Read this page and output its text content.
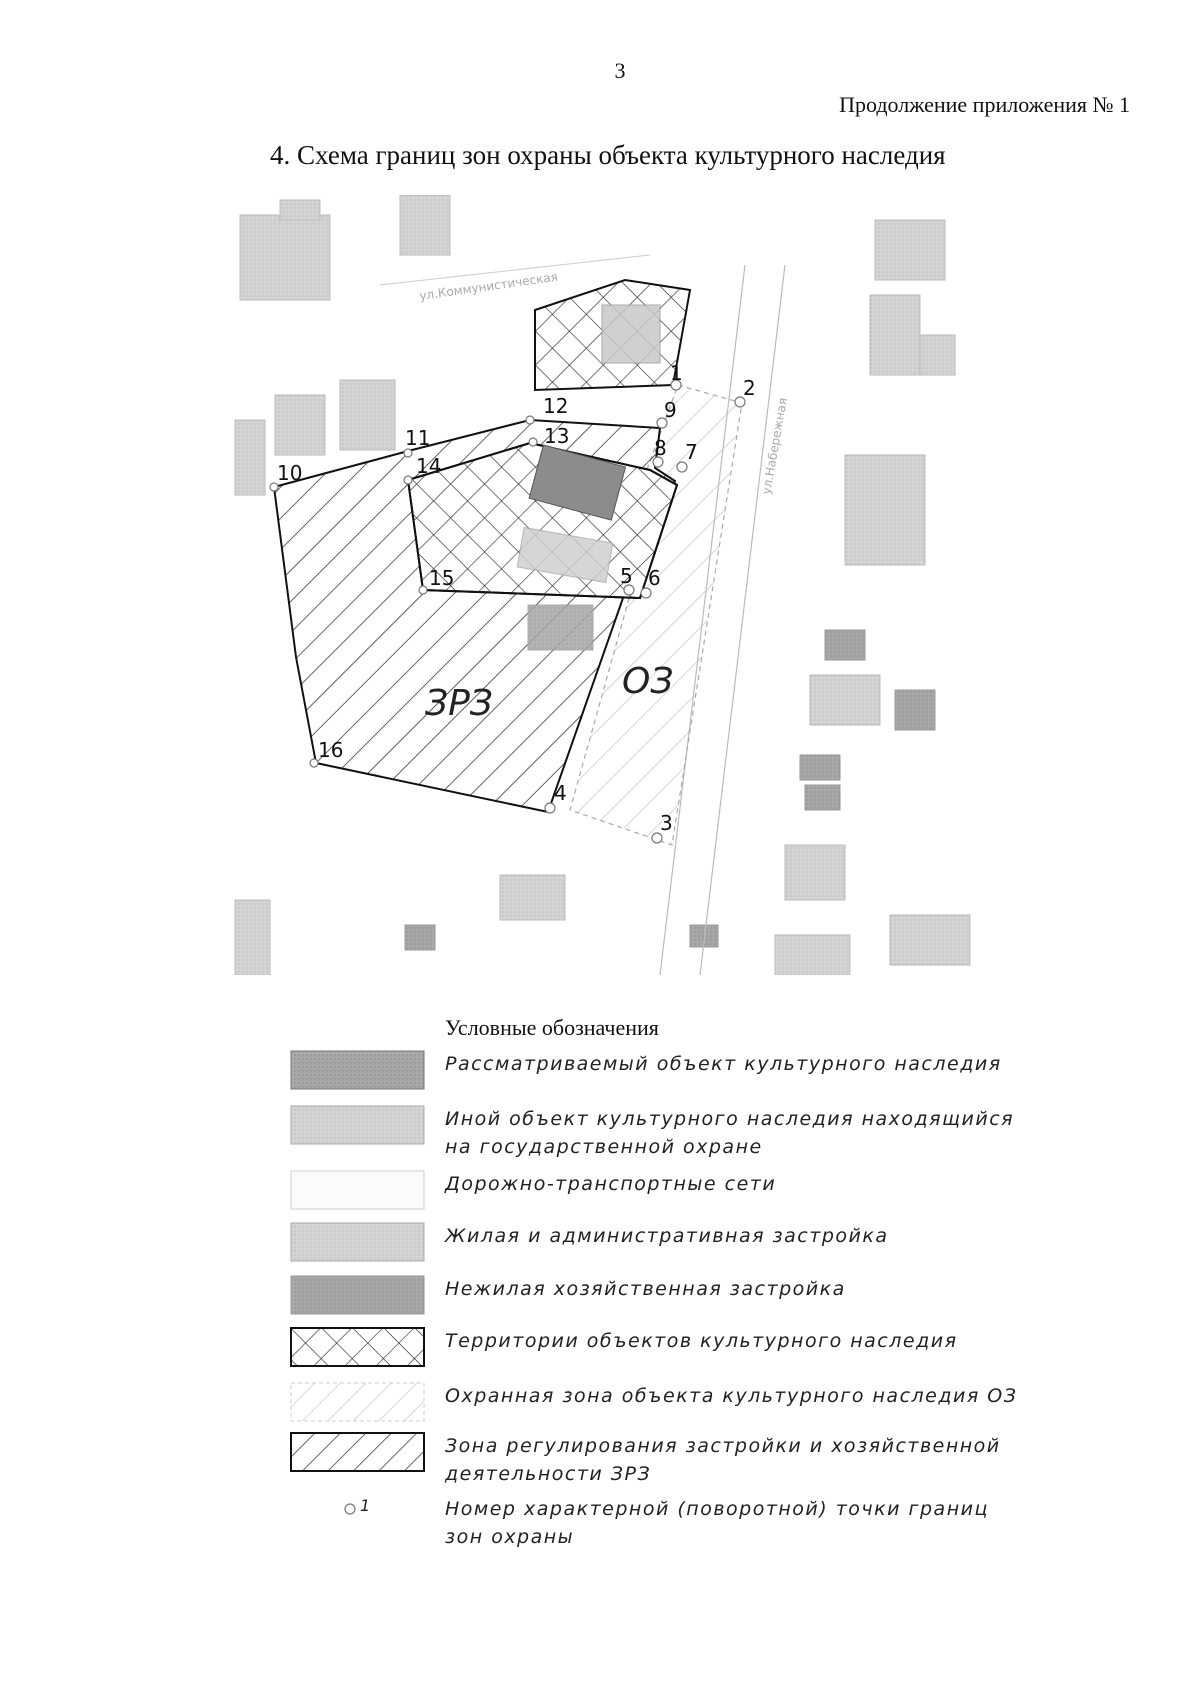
3
Продолжение приложения № 1
4. Схема границ зон охраны объекта культурного наследия
ул.Коммунистическая
ул.Набережная
ЗРЗ
ОЗ
1
2
3
4
5 6
7
8
9
10
11
12
13
14
15
16
Условные обозначения
Рассматриваемый объект культурного наследия
Иной объект культурного наследия находящийся на государственной охране
Дорожно-транспортные сети
Жилая и административная застройка
Нежилая хозяйственная застройка
Территории объектов культурного наследия
Охранная зона объекта культурного наследия ОЗ
Зона регулирования застройки и хозяйственной деятельности ЗРЗ
1	Номер характерной (поворотной) точки границ зон охраны
